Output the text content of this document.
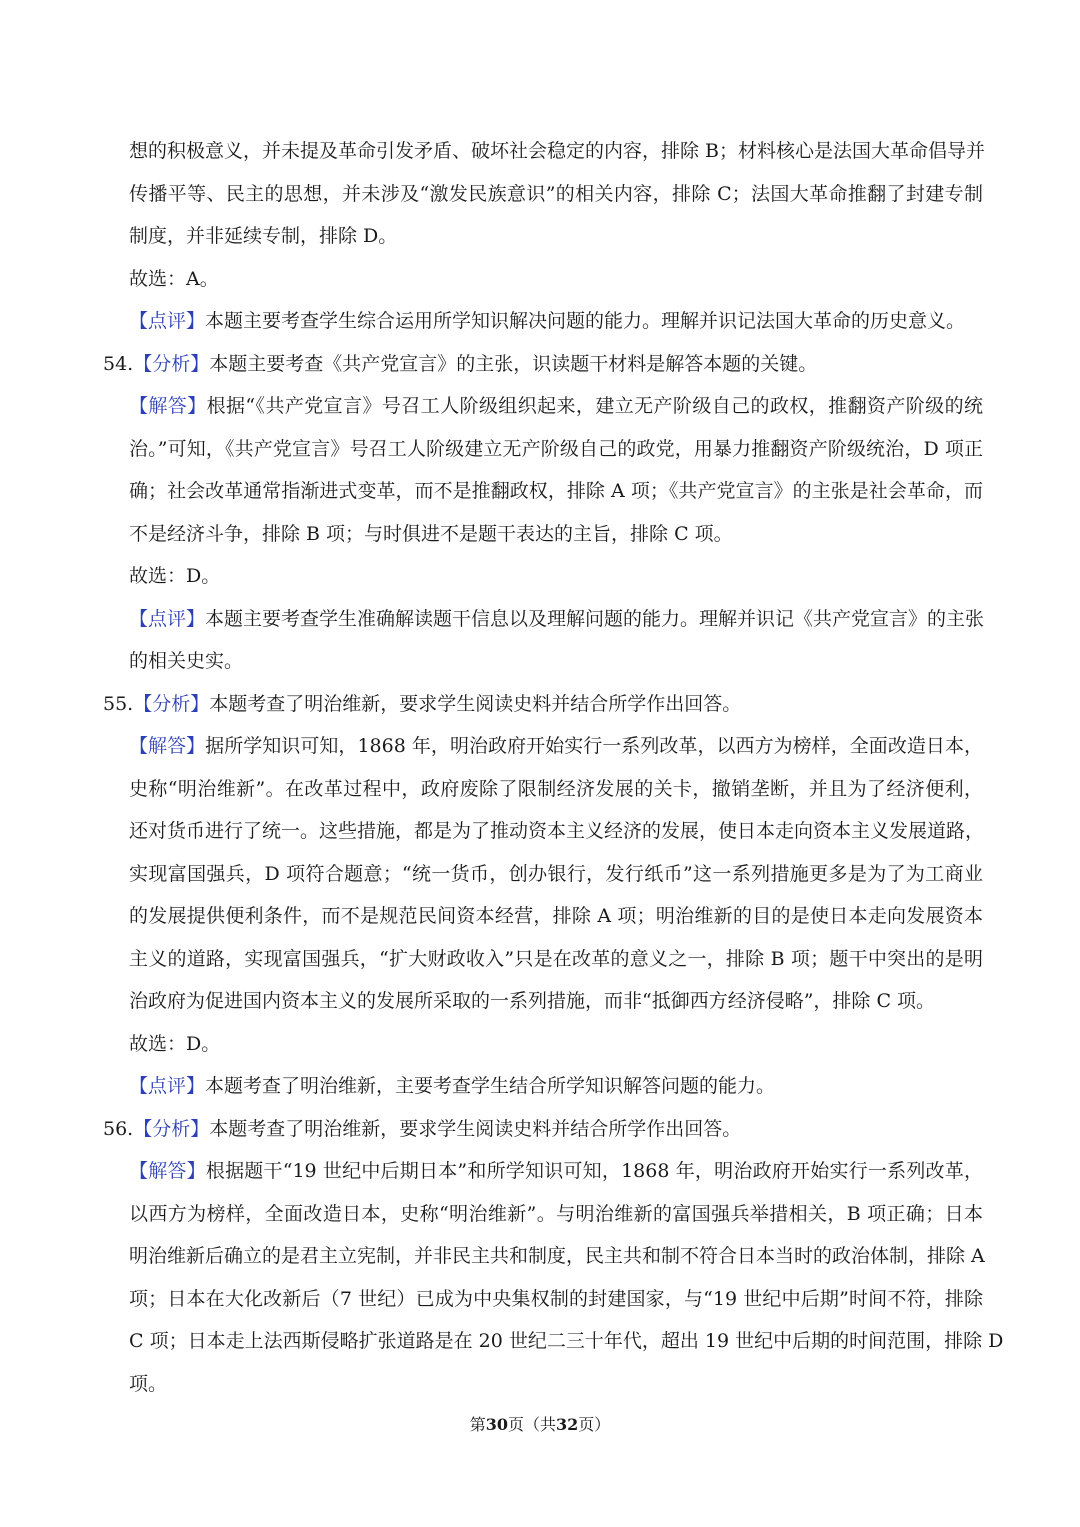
想的积极意义，并未提及革命引发矛盾、破坏社会稳定的内容，排除 B；材料核心是法国大革命倡导并
传播平等、民主的思想，并未涉及“激发民族意识”的相关内容，排除 C；法国大革命推翻了封建专制
制度，并非延续专制，排除 D。
故选：A。
【点评】本题主要考查学生综合运用所学知识解决问题的能力。理解并识记法国大革命的历史意义。
54.【分析】本题主要考查《共产党宣言》的主张，识读题干材料是解答本题的关键。
【解答】根据“《共产党宣言》号召工人阶级组织起来，建立无产阶级自己的政权，推翻资产阶级的统
治。”可知，《共产党宣言》号召工人阶级建立无产阶级自己的政党，用暴力推翻资产阶级统治，D 项正
确；社会改革通常指渐进式变革，而不是推翻政权，排除 A 项；《共产党宣言》的主张是社会革命，而
不是经济斗争，排除 B 项；与时俱进不是题干表达的主旨，排除 C 项。
故选：D。
【点评】本题主要考查学生准确解读题干信息以及理解问题的能力。理解并识记《共产党宣言》的主张
的相关史实。
55.【分析】本题考查了明治维新，要求学生阅读史料并结合所学作出回答。
【解答】据所学知识可知，1868 年，明治政府开始实行一系列改革，以西方为榜样，全面改造日本，
史称“明治维新”。在改革过程中，政府废除了限制经济发展的关卡，撤销垄断，并且为了经济便利，
还对货币进行了统一。这些措施，都是为了推动资本主义经济的发展，使日本走向资本主义发展道路，
实现富国强兵，D 项符合题意；“统一货币，创办银行，发行纸币”这一系列措施更多是为了为工商业
的发展提供便利条件，而不是规范民间资本经营，排除 A 项；明治维新的目的是使日本走向发展资本
主义的道路，实现富国强兵，“扩大财政收入”只是在改革的意义之一，排除 B 项；题干中突出的是明
治政府为促进国内资本主义的发展所采取的一系列措施，而非“抵御西方经济侵略”，排除 C 项。
故选：D。
【点评】本题考查了明治维新，主要考查学生结合所学知识解答问题的能力。
56.【分析】本题考查了明治维新，要求学生阅读史料并结合所学作出回答。
【解答】根据题干“19 世纪中后期日本”和所学知识可知，1868 年，明治政府开始实行一系列改革，
以西方为榜样，全面改造日本，史称“明治维新”。与明治维新的富国强兵举措相关，B 项正确；日本
明治维新后确立的是君主立宪制，并非民主共和制度，民主共和制不符合日本当时的政治体制，排除 A
项；日本在大化改新后（7 世纪）已成为中央集权制的封建国家，与“19 世纪中后期”时间不符，排除
C 项；日本走上法西斯侵略扩张道路是在 20 世纪二三十年代，超出 19 世纪中后期的时间范围，排除 D
项。
第30页（共32页）
